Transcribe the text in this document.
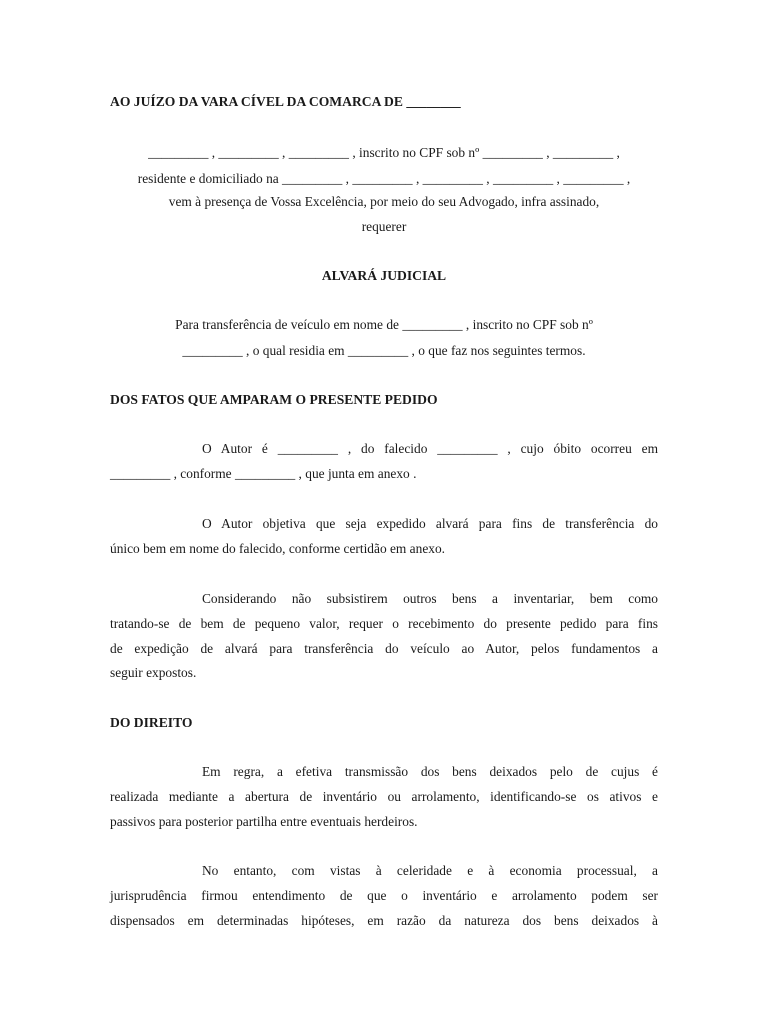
AO JUÍZO DA VARA CÍVEL DA COMARCA DE ________
_________ , _________ , _________ , inscrito no CPF sob nº _________ , _________ ,
residente e domiciliado na _________ , _________ , _________ , _________ , _________ ,
vem à presença de Vossa Excelência, por meio do seu Advogado, infra assinado,
requerer
ALVARÁ JUDICIAL
Para transferência de veículo em nome de _________ , inscrito no CPF sob nº
_________ , o qual residia em _________ , o que faz nos seguintes termos.
DOS FATOS QUE AMPARAM O PRESENTE PEDIDO
O Autor é _________ , do falecido _________ , cujo óbito ocorreu em
_________ , conforme _________ , que junta em anexo .
O Autor objetiva que seja expedido alvará para fins de transferência do
único bem em nome do falecido, conforme certidão em anexo.
Considerando não subsistirem outros bens a inventariar, bem como
tratando-se de bem de pequeno valor, requer o recebimento do presente pedido para fins
de expedição de alvará para transferência do veículo ao Autor, pelos fundamentos a
seguir expostos.
DO DIREITO
Em regra, a efetiva transmissão dos bens deixados pelo de cujus é
realizada mediante a abertura de inventário ou arrolamento, identificando-se os ativos e
passivos para posterior partilha entre eventuais herdeiros.
No entanto, com vistas à celeridade e à economia processual, a
jurisprudência firmou entendimento de que o inventário e arrolamento podem ser
dispensados em determinadas hipóteses, em razão da natureza dos bens deixados à
